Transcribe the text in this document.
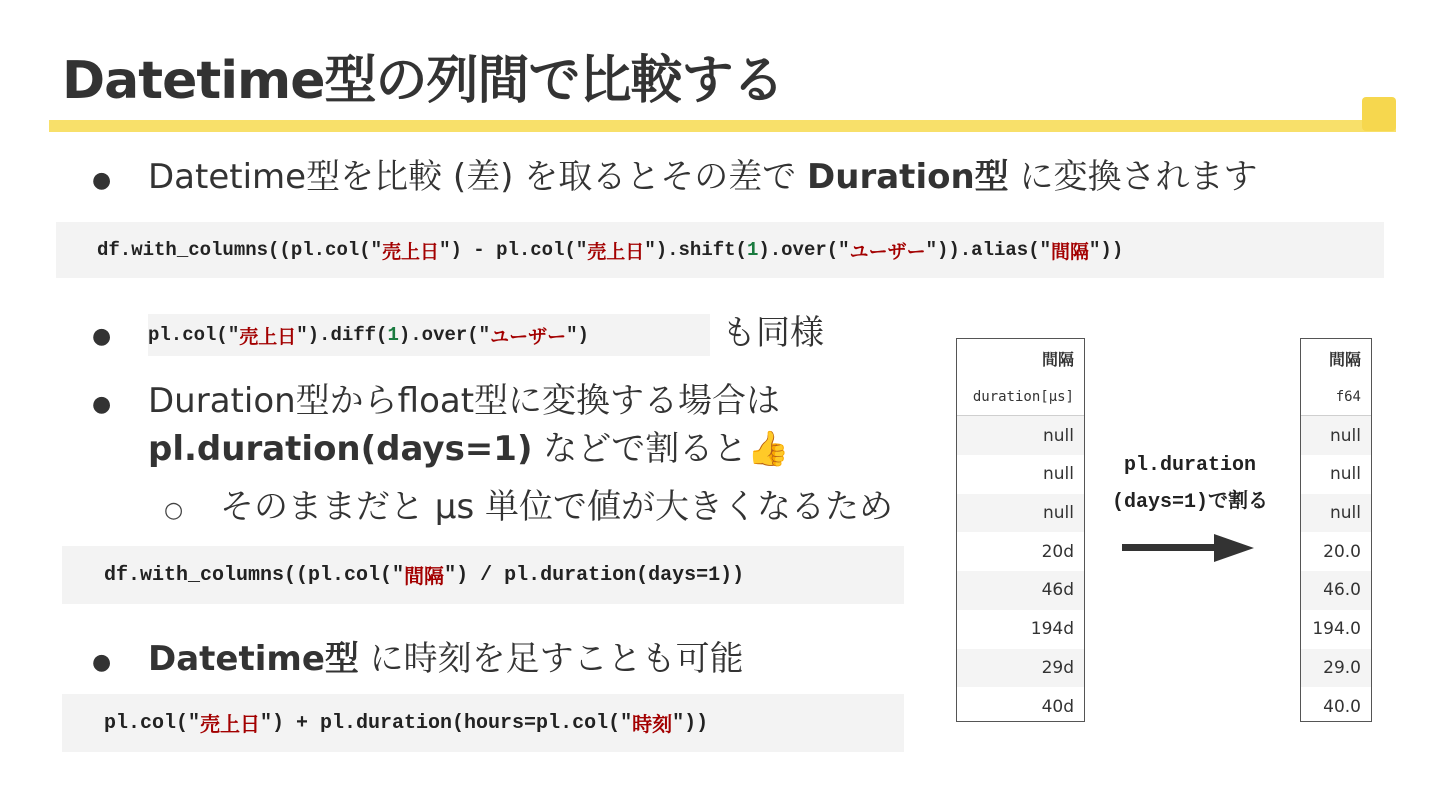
Datetime型の列間で比較する
● Datetime型を比較 (差) を取るとその差で Duration型 に変換されます
df.with_columns((pl.col(" 売上日 ") - pl.col(" 売上日 ").shift( 1 ).over(" ユーザー ")).alias(" 間隔 "))
● pl.col(" 売上日 ").diff( 1 ).over(" ユーザー ")	も同様
● Duration型からfloat型に変換する場合は
pl.duration(days=1) などで割ると👍
○ そのままだと μs 単位で値が大きくなるため
df.with_columns((pl.col(" 間隔 ") / pl.duration(days=1))
● Datetime型 に時刻を足すことも可能
pl.col(" 売上日 ") + pl.duration(hours=pl.col(" 時刻 "))
間隔
duration[μs]
null
null
null
20d
46d
194d
29d
40d
pl.duration
(days=1)で割る
間隔
f64
null
null
null
20.0
46.0
194.0
29.0
40.0
